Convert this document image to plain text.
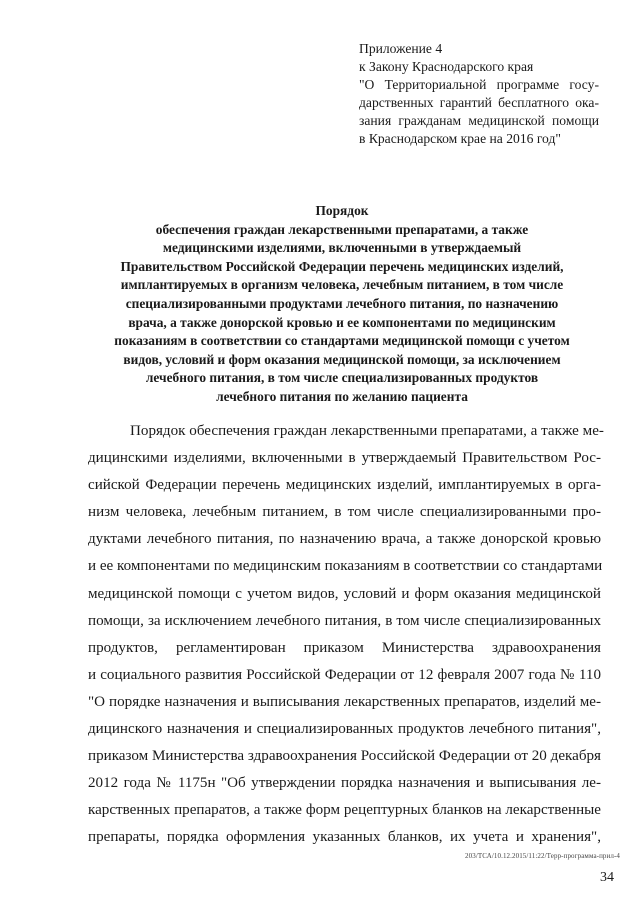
Приложение 4
к Закону Краснодарского края
"О Территориальной программе госу-
дарственных гарантий бесплатного ока-
зания гражданам медицинской помощи
в Краснодарском крае на 2016 год"
Порядок
обеспечения граждан лекарственными препаратами, а также
медицинскими изделиями, включенными в утверждаемый
Правительством Российской Федерации перечень медицинских изделий,
имплантируемых в организм человека, лечебным питанием, в том числе
специализированными продуктами лечебного питания, по назначению
врача, а также донорской кровью и ее компонентами по медицинским
показаниям в соответствии со стандартами медицинской помощи с учетом
видов, условий и форм оказания медицинской помощи, за исключением
лечебного питания, в том числе специализированных продуктов
лечебного питания по желанию пациента
Порядок обеспечения граждан лекарственными препаратами, а также ме-
дицинскими изделиями, включенными в утверждаемый Правительством Рос-
сийской Федерации перечень медицинских изделий, имплантируемых в орга-
низм человека, лечебным питанием, в том числе специализированными про-
дуктами лечебного питания, по назначению врача, а также донорской кровью
и ее компонентами по медицинским показаниям в соответствии со стандартами
медицинской помощи с учетом видов, условий и форм оказания медицинской
помощи, за исключением лечебного питания, в том числе специализированных
продуктов, регламентирован приказом Министерства здравоохранения
и социального развития Российской Федерации от 12 февраля 2007 года № 110
"О порядке назначения и выписывания лекарственных препаратов, изделий ме-
дицинского назначения и специализированных продуктов лечебного питания",
приказом Министерства здравоохранения Российской Федерации от 20 декабря
2012 года № 1175н "Об утверждении порядка назначения и выписывания ле-
карственных препаратов, а также форм рецептурных бланков на лекарственные
препараты, порядка оформления указанных бланков, их учета и хранения",
203/ТСА/10.12.2015/11:22/Терр-программа-прил-4
34
